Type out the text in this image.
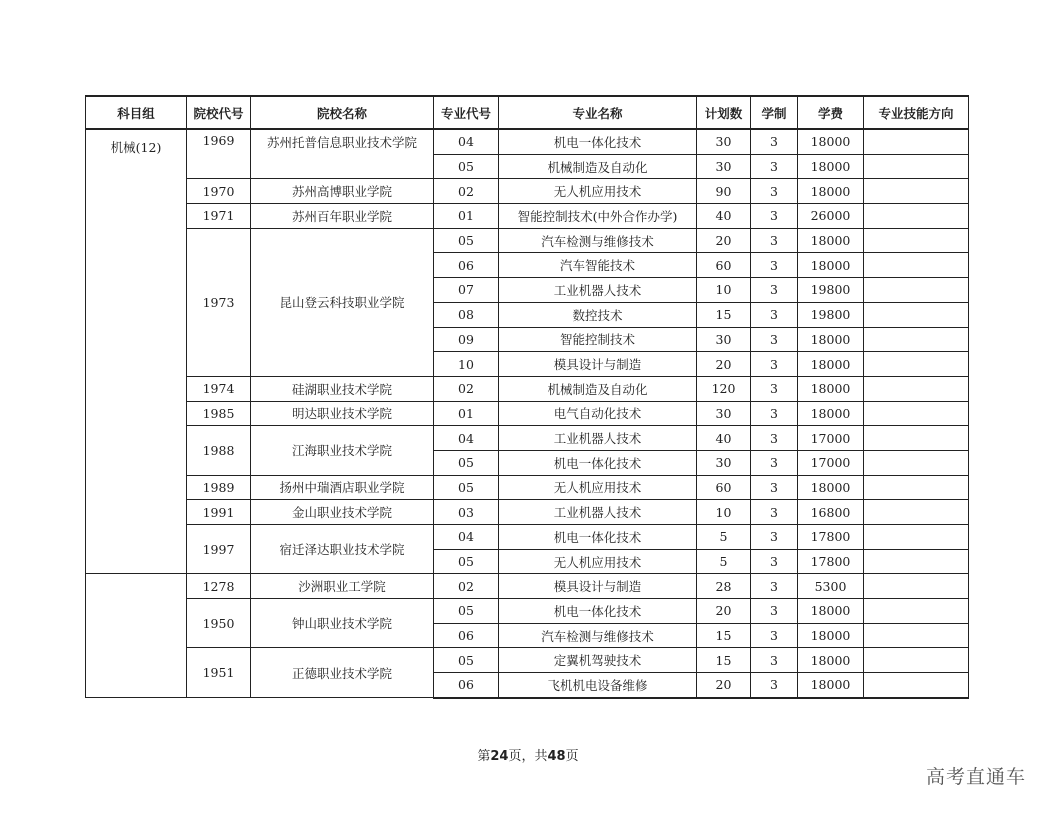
科目组	院校代号	院校名称	专业代号	专业名称	计划数	学制	学费	专业技能方向
机械(12)	1969	苏州托普信息职业技术学院	04	机电一体化技术	30	3	18000	
			05	机械制造及自动化	30	3	18000	
	1970	苏州高博职业学院	02	无人机应用技术	90	3	18000	
	1971	苏州百年职业学院	01	智能控制技术(中外合作办学)	40	3	26000	
	1973	昆山登云科技职业学院	05	汽车检测与维修技术	20	3	18000	
			06	汽车智能技术	60	3	18000	
			07	工业机器人技术	10	3	19800	
			08	数控技术	15	3	19800	
			09	智能控制技术	30	3	18000	
			10	模具设计与制造	20	3	18000	
	1974	硅湖职业技术学院	02	机械制造及自动化	120	3	18000	
	1985	明达职业技术学院	01	电气自动化技术	30	3	18000	
	1988	江海职业技术学院	04	工业机器人技术	40	3	17000	
			05	机电一体化技术	30	3	17000	
	1989	扬州中瑞酒店职业学院	05	无人机应用技术	60	3	18000	
	1991	金山职业技术学院	03	工业机器人技术	10	3	16800	
	1997	宿迁泽达职业技术学院	04	机电一体化技术	5	3	17800	
			05	无人机应用技术	5	3	17800	
	1278	沙洲职业工学院	02	模具设计与制造	28	3	5300	
	1950	钟山职业技术学院	05	机电一体化技术	20	3	18000	
			06	汽车检测与维修技术	15	3	18000	
	1951	正德职业技术学院	05	定翼机驾驶技术	15	3	18000	
			06	飞机机电设备维修	20	3	18000	
第24页，共48页
高考直通车
